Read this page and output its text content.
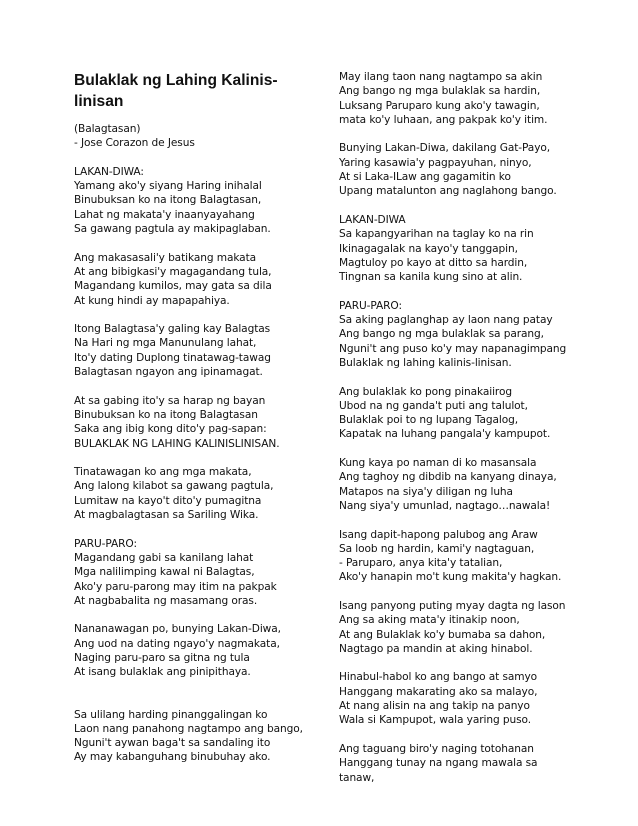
Bulaklak ng Lahing Kalinis-
linisan
(Balagtasan)
- Jose Corazon de Jesus
LAKAN-DIWA:
Yamang ako'y siyang Haring inihalal
Binubuksan ko na itong Balagtasan,
Lahat ng makata'y inaanyayahang
Sa gawang pagtula ay makipaglaban.
Ang makasasali'y batikang makata
At ang bibigkasi'y magagandang tula,
Magandang kumilos, may gata sa dila
At kung hindi ay mapapahiya.
Itong Balagtasa'y galing kay Balagtas
Na Hari ng mga Manunulang lahat,
Ito'y dating Duplong tinatawag-tawag
Balagtasan ngayon ang ipinamagat.
At sa gabing ito'y sa harap ng bayan
Binubuksan ko na itong Balagtasan
Saka ang ibig kong dito'y pag-sapan:
BULAKLAK NG LAHING KALINISLINISAN.
Tinatawagan ko ang mga makata,
Ang lalong kilabot sa gawang pagtula,
Lumitaw na kayo't dito'y pumagitna
At magbalagtasan sa Sariling Wika.
PARU-PARO:
Magandang gabi sa kanilang lahat
Mga nalilimping kawal ni Balagtas,
Ako'y paru-parong may itim na pakpak
At nagbabalita ng masamang oras.
Nananawagan po, bunying Lakan-Diwa,
Ang uod na dating ngayo'y nagmakata,
Naging paru-paro sa gitna ng tula
At isang bulaklak ang pinipithaya.
Sa ulilang harding pinanggalingan ko
Laon nang panahong nagtampo ang bango,
Nguni't aywan baga't sa sandaling ito
Ay may kabanguhang binubuhay ako.
May ilang taon nang nagtampo sa akin
Ang bango ng mga bulaklak sa hardin,
Luksang Paruparo kung ako'y tawagin,
mata ko'y luhaan, ang pakpak ko'y itim.
Bunying Lakan-Diwa, dakilang Gat-Payo,
Yaring kasawia'y pagpayuhan, ninyo,
At si Laka-ILaw ang gagamitin ko
Upang matalunton ang naglahong bango.
LAKAN-DIWA
Sa kapangyarihan na taglay ko na rin
Ikinagagalak na kayo'y tanggapin,
Magtuloy po kayo at ditto sa hardin,
Tingnan sa kanila kung sino at alin.
PARU-PARO:
Sa aking paglanghap ay laon nang patay
Ang bango ng mga bulaklak sa parang,
Nguni't ang puso ko'y may napanagimpang
Bulaklak ng lahing kalinis-linisan.
Ang bulaklak ko pong pinakaiirog
Ubod na ng ganda't puti ang talulot,
Bulaklak poi to ng lupang Tagalog,
Kapatak na luhang pangala'y kampupot.
Kung kaya po naman di ko masansala
Ang taghoy ng dibdib na kanyang dinaya,
Matapos na siya'y diligan ng luha
Nang siya'y umunlad, nagtago…nawala!
Isang dapit-hapong palubog ang Araw
Sa loob ng hardin, kami'y nagtaguan,
- Paruparo, anya kita'y tatalian,
Ako'y hanapin mo't kung makita'y hagkan.
Isang panyong puting myay dagta ng lason
Ang sa aking mata'y itinakip noon,
At ang Bulaklak ko'y bumaba sa dahon,
Nagtago pa mandin at aking hinabol.
Hinabul-habol ko ang bango at samyo
Hanggang makarating ako sa malayo,
At nang alisin na ang takip na panyo
Wala si Kampupot, wala yaring puso.
Ang taguang biro'y naging totohanan
Hanggang tunay na ngang mawala sa
tanaw,
